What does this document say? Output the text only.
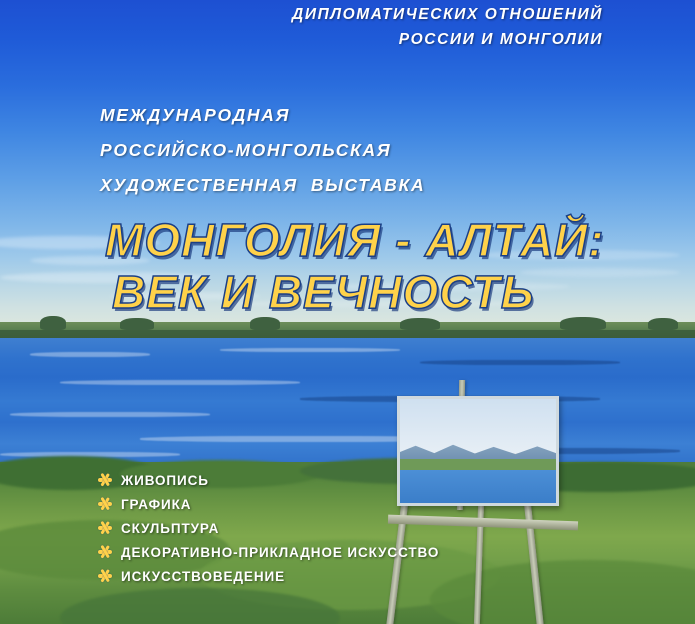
ДИПЛОМАТИЧЕСКИХ ОТНОШЕНИЙ
РОССИИ И МОНГОЛИИ
МЕЖДУНАРОДНАЯ
РОССИЙСКО-МОНГОЛЬСКАЯ
ХУДОЖЕСТВЕННАЯ  ВЫСТАВКА
МОНГОЛИЯ - АЛТАЙ:
ВЕК И ВЕЧНОСТЬ
ЖИВОПИСЬ
ГРАФИКА
СКУЛЬПТУРА
ДЕКОРАТИВНО-ПРИКЛАДНОЕ ИСКУССТВО
ИСКУССТВОВЕДЕНИЕ
